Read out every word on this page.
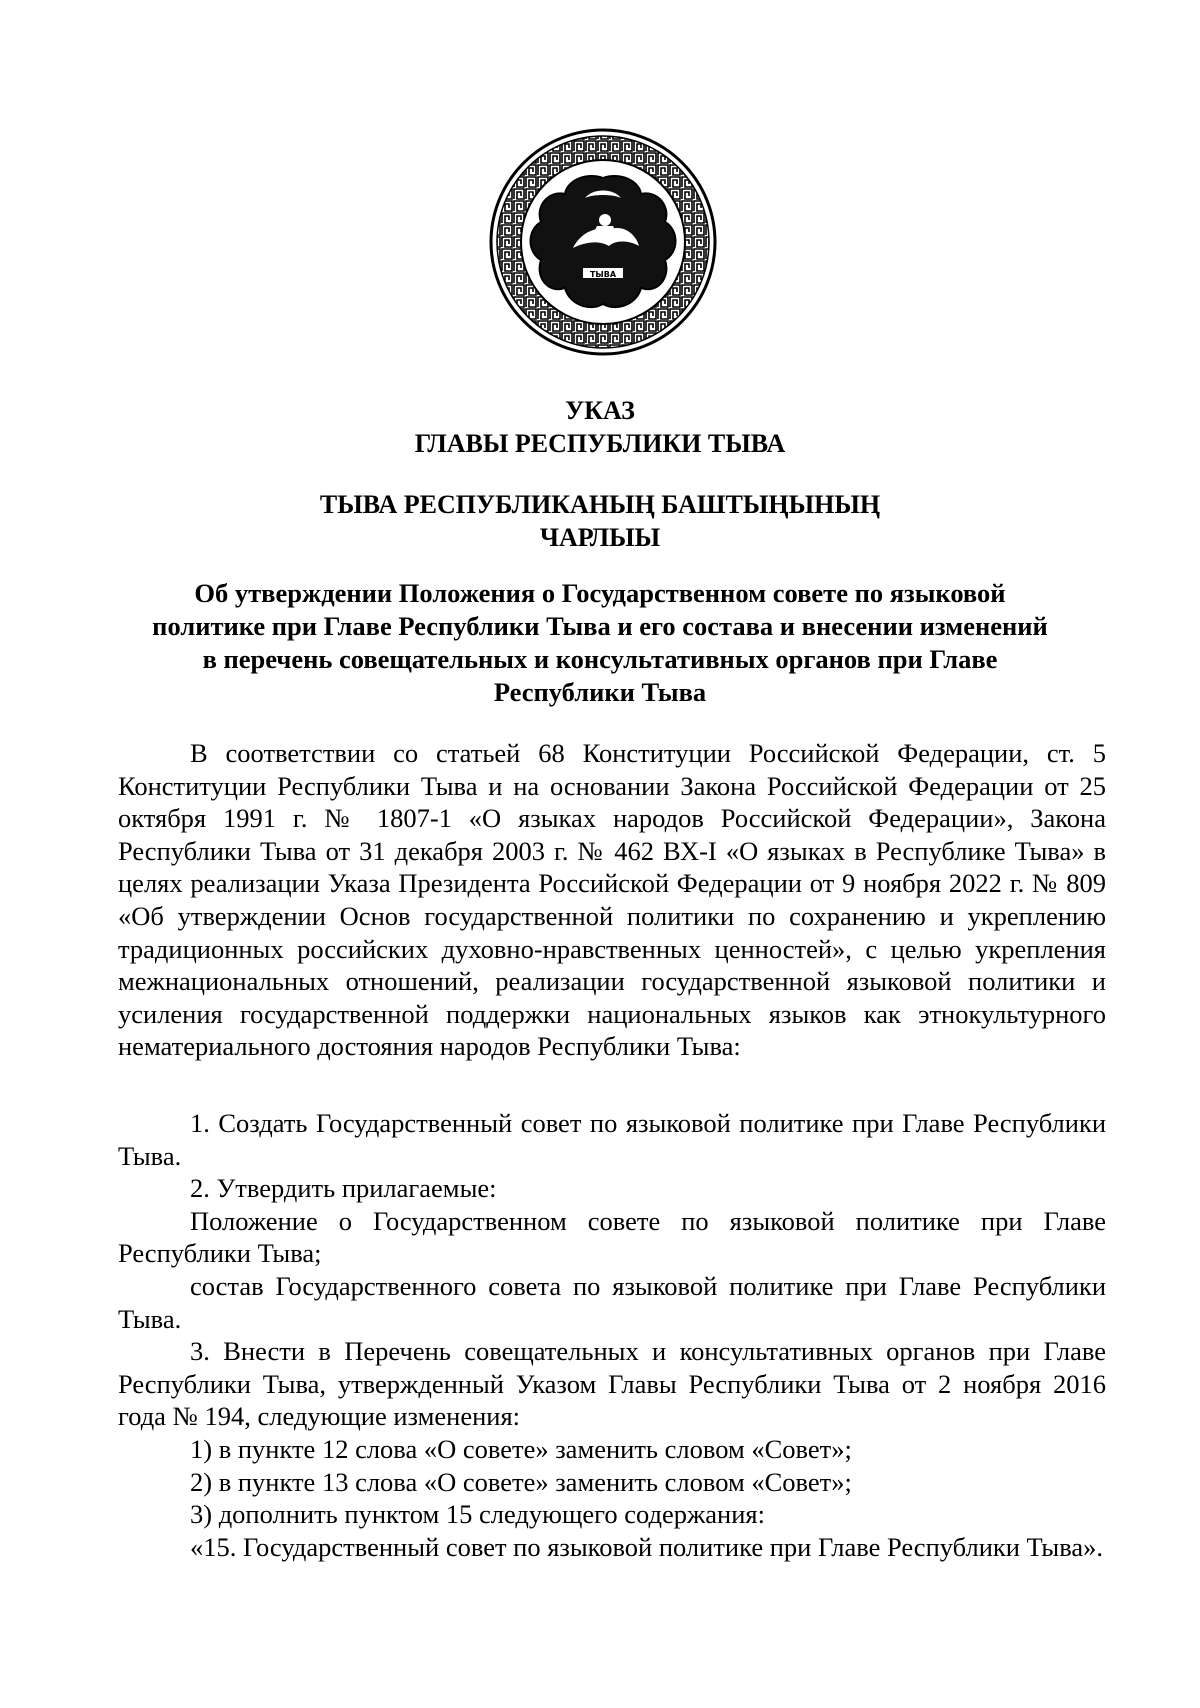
ТЫВА
УКАЗ
ГЛАВЫ РЕСПУБЛИКИ ТЫВА
ТЫВА РЕСПУБЛИКАНЫҢ БАШТЫҢЫНЫҢ
ЧАРЛЫЫ
Об утверждении Положения о Государственном совете по языковой
политике при Главе Республики Тыва и его состава и внесении изменений
в перечень совещательных и консультативных органов при Главе
Республики Тыва

В соответствии со статьей 68 Конституции Российской Федерации, ст. 5 Конституции Республики Тыва и на основании Закона Российской Федерации от 25 октября 1991 г. № 1807-1 «О языках народов Российской Федерации», Закона Республики Тыва от 31 декабря 2003 г. № 462 ВХ-I «О языках в Республике Тыва» в целях реализации Указа Президента Российской Федерации от 9 ноября 2022 г. № 809 «Об утверждении Основ государственной политики по сохранению и укреплению традиционных российских духовно-нравственных ценностей», с целью укрепления межнациональных отношений, реализации государственной языковой политики и усиления государственной поддержки национальных языков как этнокультурного нематериального достояния народов Республики Тыва:

1. Создать Государственный совет по языковой политике при Главе Республики Тыва.

2. Утвердить прилагаемые:

Положение о Государственном совете по языковой политике при Главе Республики Тыва;

состав Государственного совета по языковой политике при Главе Республики Тыва.

3. Внести в Перечень совещательных и консультативных органов при Главе Республики Тыва, утвержденный Указом Главы Республики Тыва от 2 ноября 2016 года № 194, следующие изменения:

1) в пункте 12 слова «О совете» заменить словом «Совет»;

2) в пункте 13 слова «О совете» заменить словом «Совет»;

3) дополнить пунктом 15 следующего содержания:

«15. Государственный совет по языковой политике при Главе Республики Тыва».
